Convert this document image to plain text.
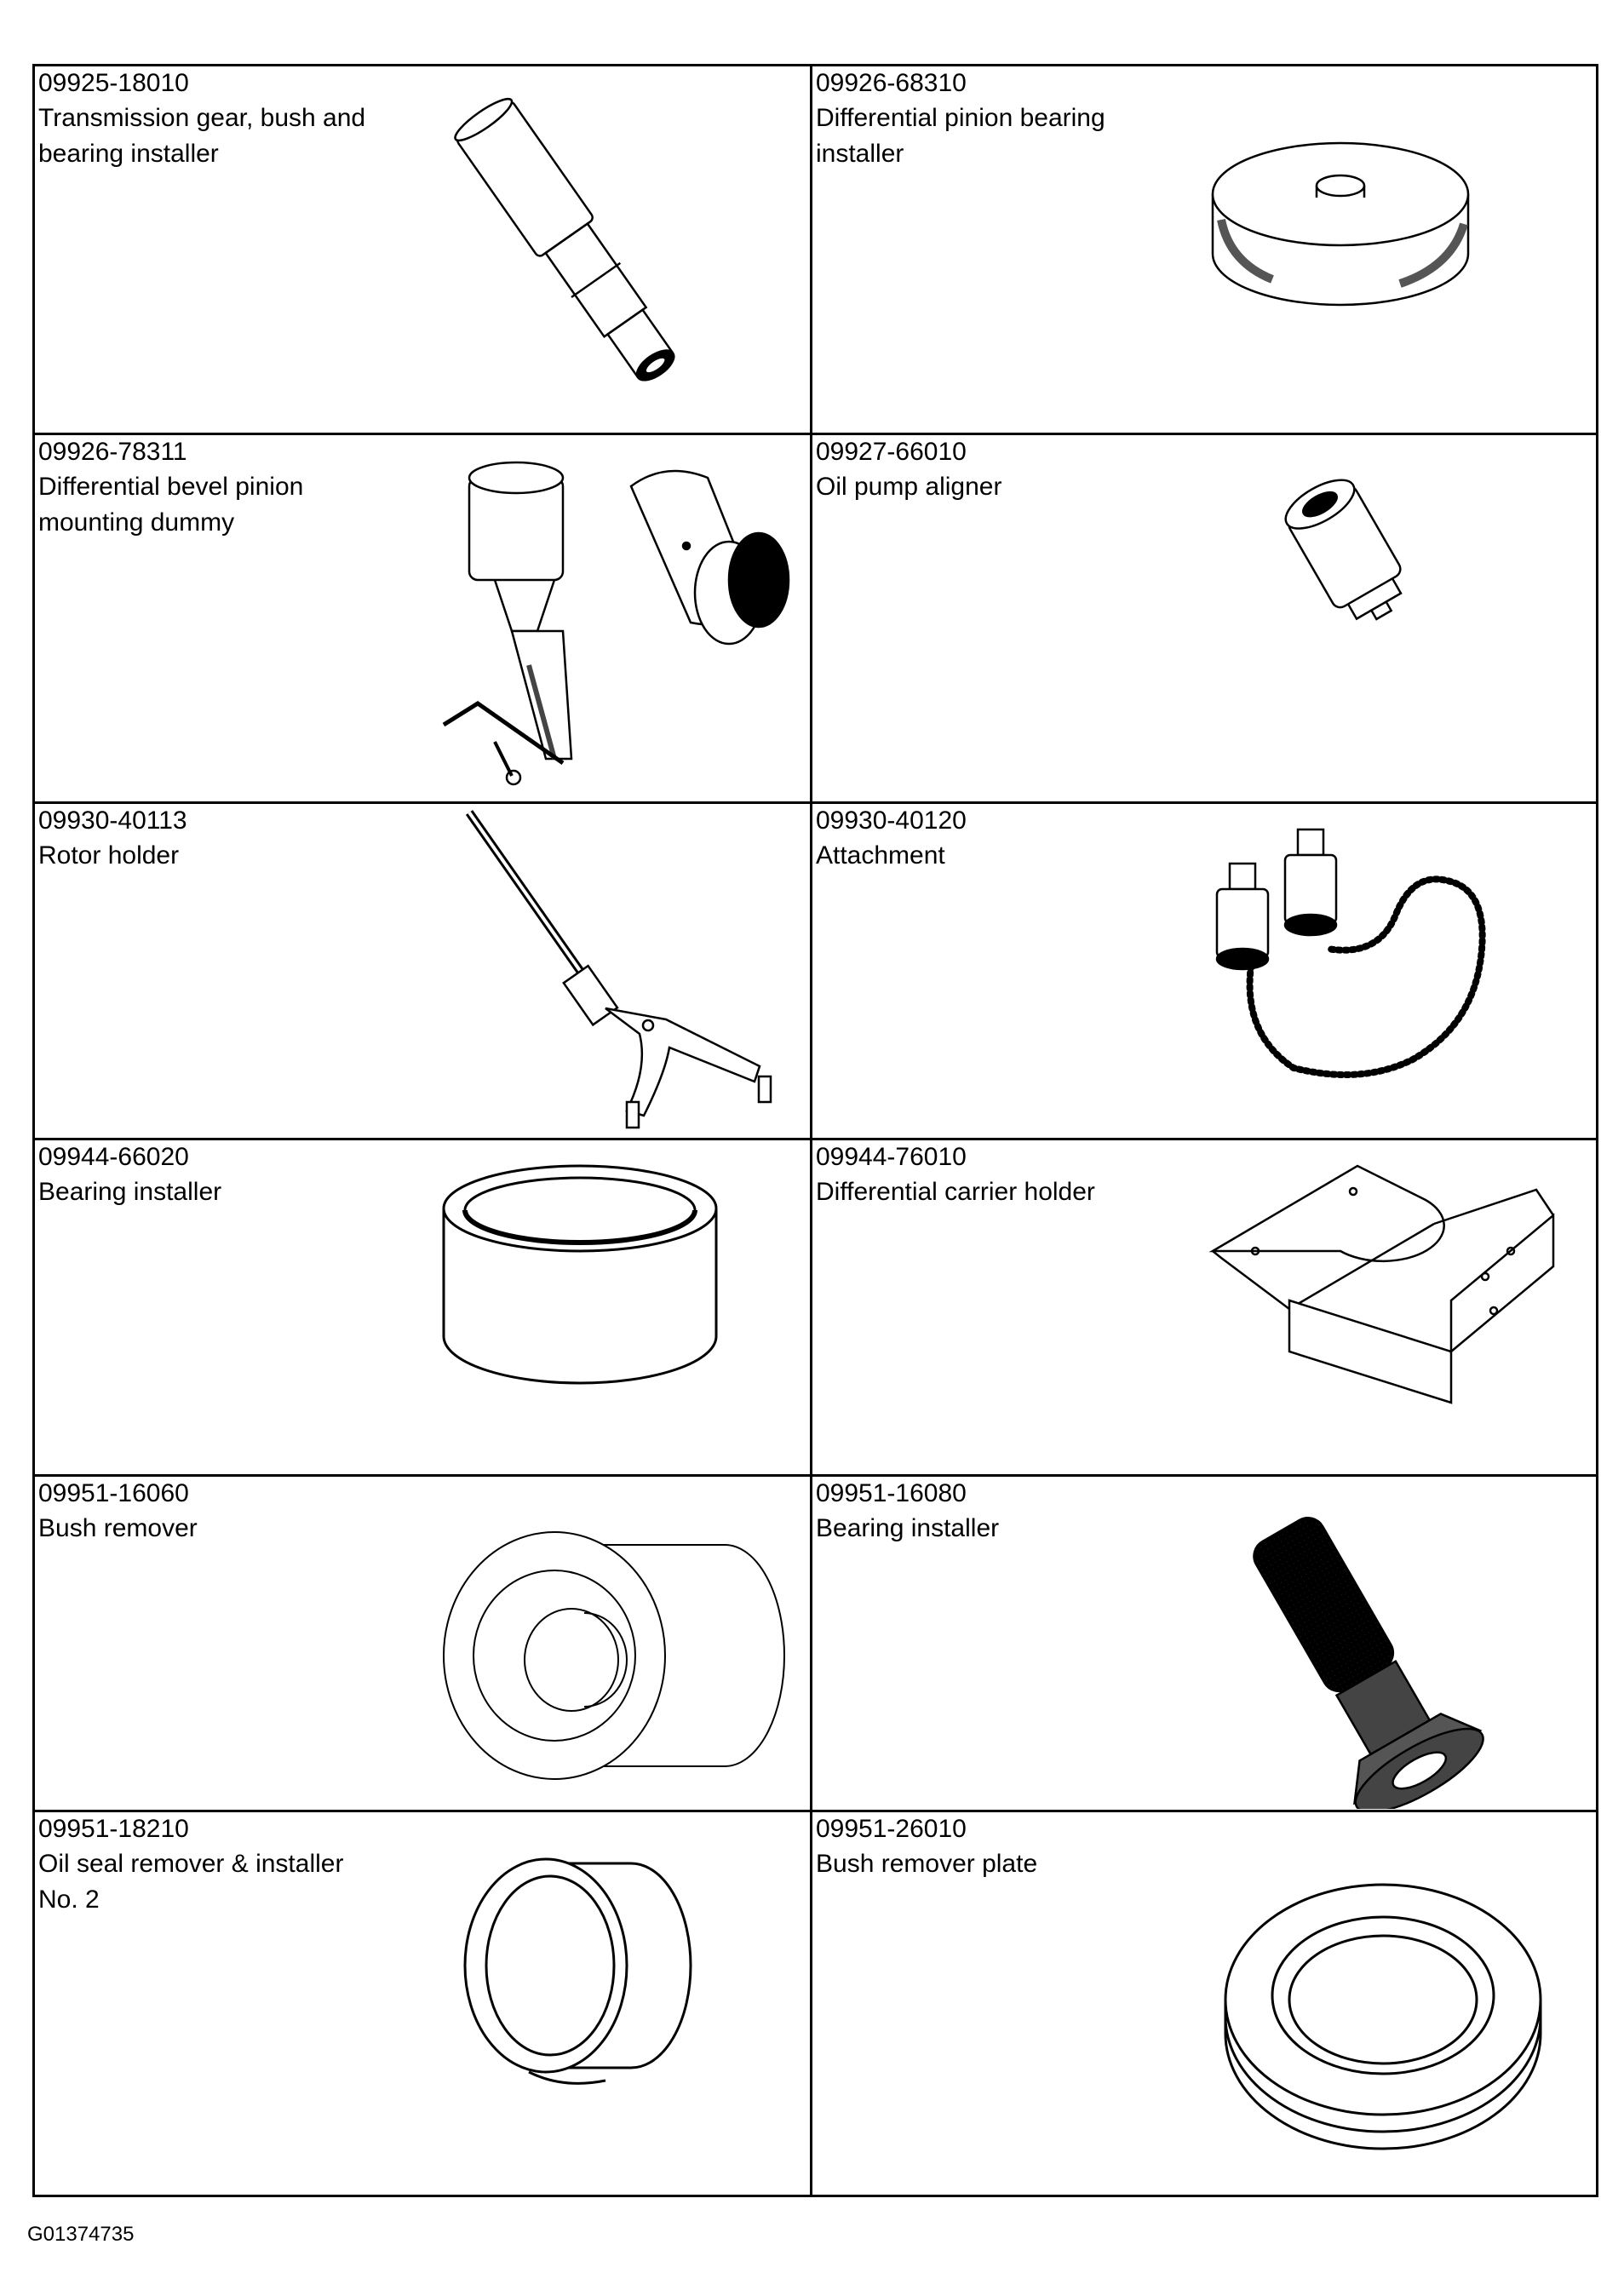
09925-18010
Transmission gear, bush and
bearing installer
09926-68310
Differential pinion bearing
installer
09926-78311
Differential bevel pinion
mounting dummy
09927-66010
Oil pump aligner
09930-40113
Rotor holder
09930-40120
Attachment
09944-66020
Bearing installer
09944-76010
Differential carrier holder
09951-16060
Bush remover
09951-16080
Bearing installer
09951-18210
Oil seal remover & installer
No. 2
09951-26010
Bush remover plate
G01374735
